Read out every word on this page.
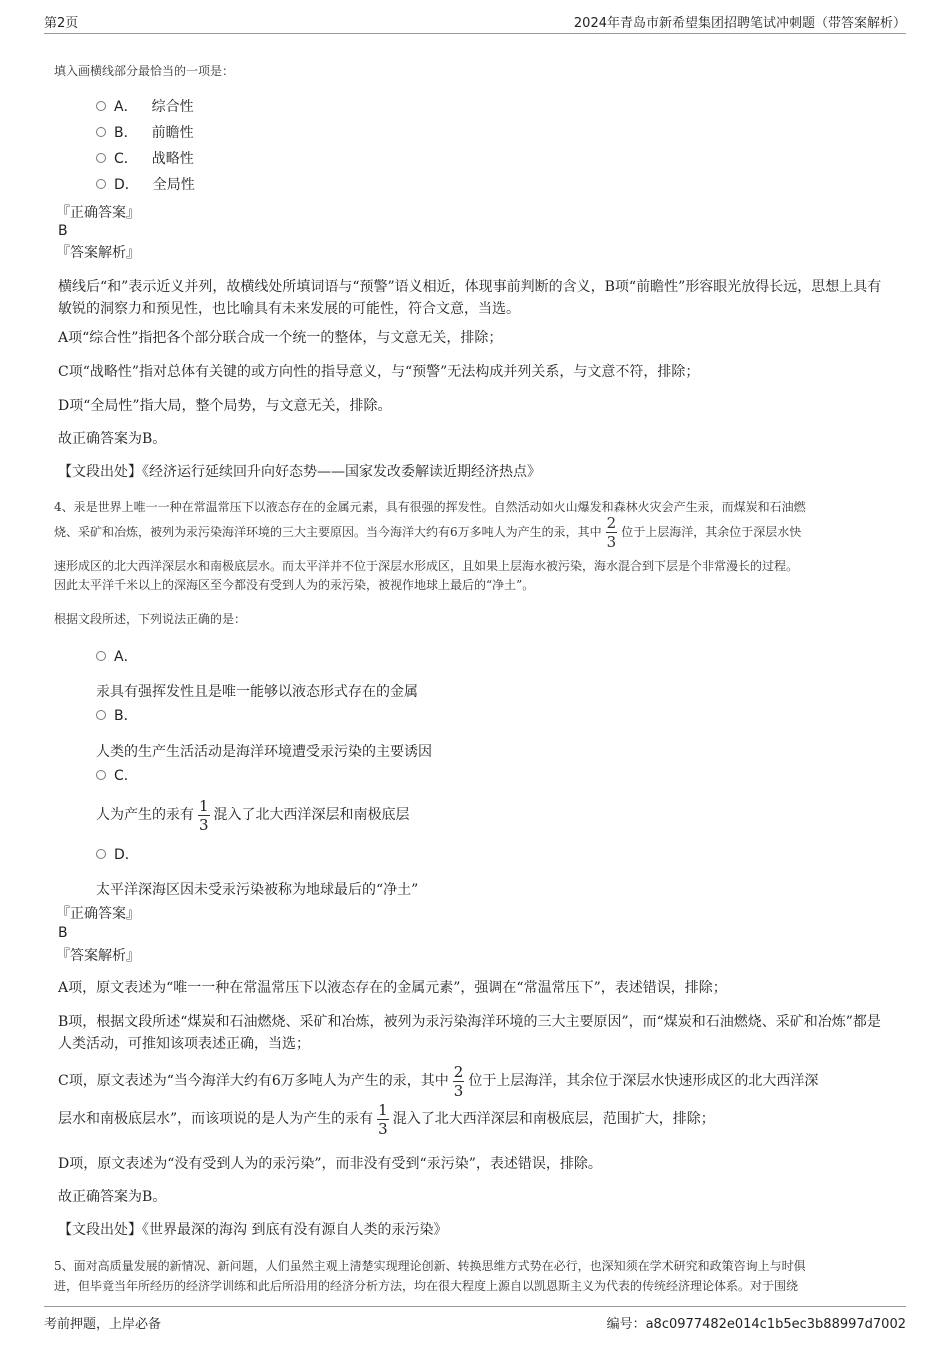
第2页	2024年青岛市新希望集团招聘笔试冲刺题（带答案解析）
填入画横线部分最恰当的一项是：
A． 综合性
B． 前瞻性
C． 战略性
D． 全局性
『正确答案』
B
『答案解析』
横线后“和”表示近义并列，故横线处所填词语与“预警”语义相近，体现事前判断的含义，B项“前瞻性”形容眼光放得长远，思想上具有敏锐的洞察力和预见性，也比喻具有未来发展的可能性，符合文意，当选。
A项“综合性”指把各个部分联合成一个统一的整体，与文意无关，排除；
C项“战略性”指对总体有关键的或方向性的指导意义，与“预警”无法构成并列关系，与文意不符，排除；
D项“全局性”指大局，整个局势，与文意无关，排除。
故正确答案为B。
【文段出处】《经济运行延续回升向好态势——国家发改委解读近期经济热点》
4、汞是世界上唯一一种在常温常压下以液态存在的金属元素，具有很强的挥发性。自然活动如火山爆发和森林火灾会产生汞，而煤炭和石油燃
烧、采矿和冶炼，被列为汞污染海洋环境的三大主要原因。当今海洋大约有6万多吨人为产生的汞，其中 $\frac{2}{3}$ 位于上层海洋，其余位于深层水快
速形成区的北大西洋深层水和南极底层水。而太平洋并不位于深层水形成区，且如果上层海水被污染，海水混合到下层是个非常漫长的过程。
因此太平洋千米以上的深海区至今都没有受到人为的汞污染，被视作地球上最后的“净土”。
根据文段所述，下列说法正确的是：
A．
汞具有强挥发性且是唯一能够以液态形式存在的金属
B．
人类的生产生活活动是海洋环境遭受汞污染的主要诱因
C．
人为产生的汞有 $\frac{1}{3}$ 混入了北大西洋深层和南极底层
D．
太平洋深海区因未受汞污染被称为地球最后的“净土”
『正确答案』
B
『答案解析』
A项，原文表述为“唯一一种在常温常压下以液态存在的金属元素”，强调在“常温常压下”，表述错误，排除；
B项，根据文段所述“煤炭和石油燃烧、采矿和冶炼，被列为汞污染海洋环境的三大主要原因”，而“煤炭和石油燃烧、采矿和冶炼”都是人类活动，可推知该项表述正确，当选；
C项，原文表述为“当今海洋大约有6万多吨人为产生的汞，其中 $\frac{2}{3}$ 位于上层海洋，其余位于深层水快速形成区的北大西洋深
层水和南极底层水”，而该项说的是人为产生的汞有 $\frac{1}{3}$ 混入了北大西洋深层和南极底层，范围扩大，排除；
D项，原文表述为“没有受到人为的汞污染”，而非没有受到“汞污染”，表述错误，排除。
故正确答案为B。
【文段出处】《世界最深的海沟 到底有没有源自人类的汞污染》
5、面对高质量发展的新情况、新问题，人们虽然主观上清楚实现理论创新、转换思维方式势在必行，也深知须在学术研究和政策咨询上与时俱
进，但毕竟当年所经历的经济学训练和此后所沿用的经济分析方法，均在很大程度上源自以凯恩斯主义为代表的传统经济理论体系。对于围绕
考前押题，上岸必备	编号：a8c0977482e014c1b5ec3b88997d7002
